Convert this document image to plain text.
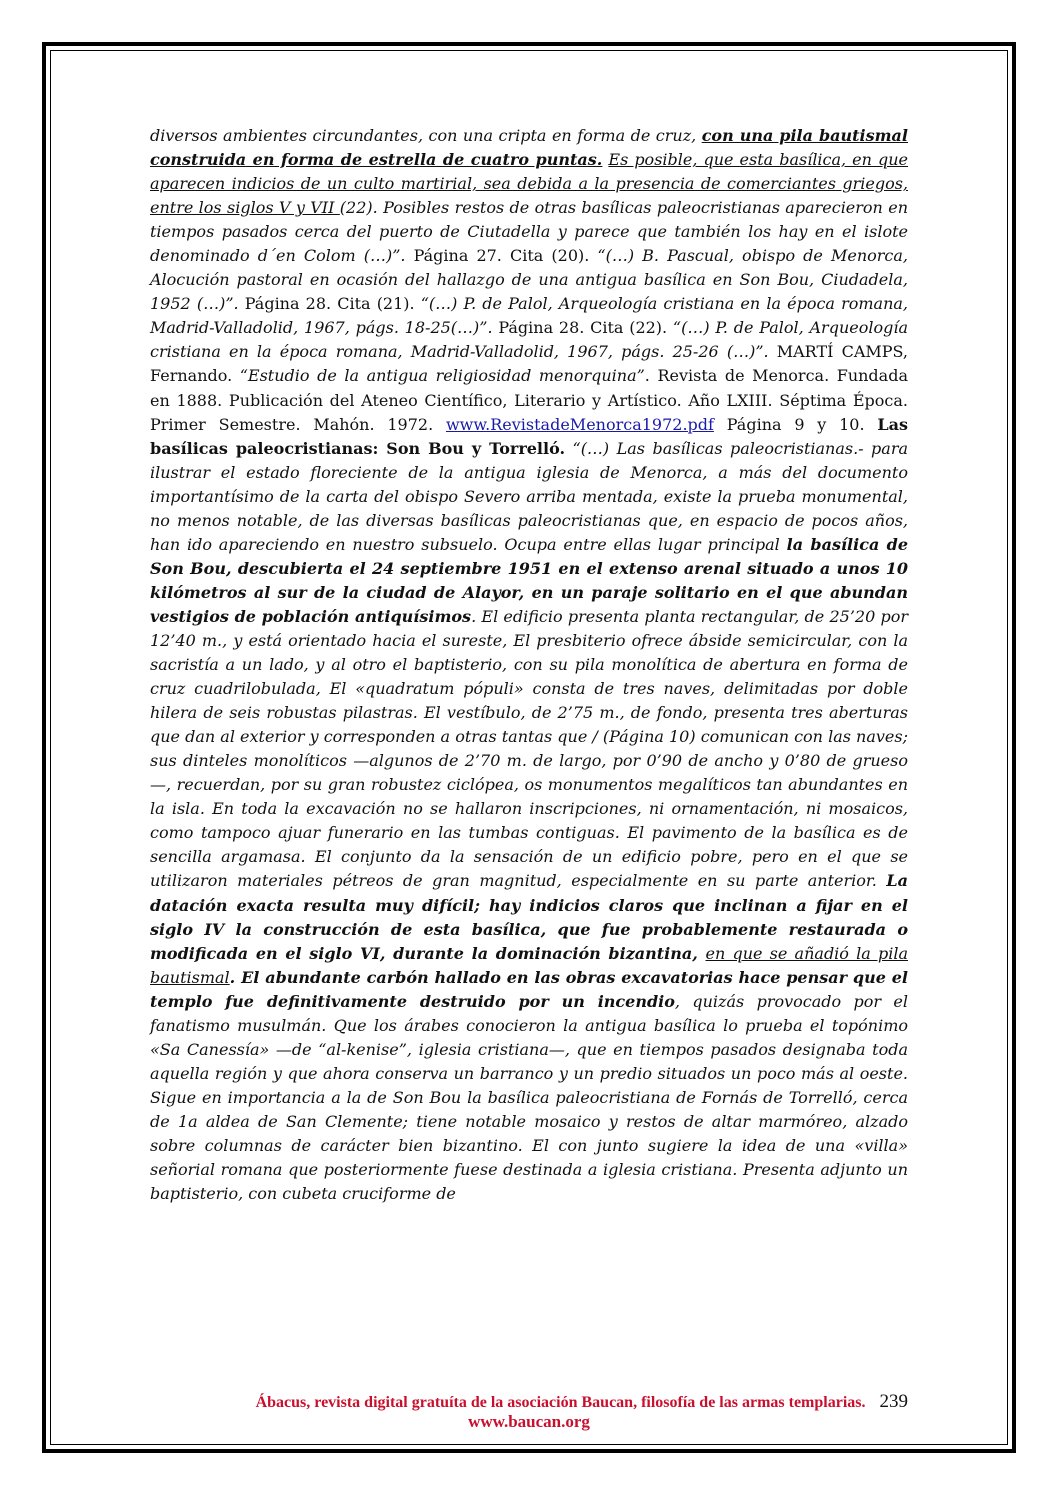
diversos ambientes circundantes, con una cripta en forma de cruz, con una pila bautismal construida en forma de estrella de cuatro puntas. Es posible, que esta basílica, en que aparecen indicios de un culto martirial, sea debida a la presencia de comerciantes griegos, entre los siglos V y VII (22). Posibles restos de otras basílicas paleocristianas aparecieron en tiempos pasados cerca del puerto de Ciutadella y parece que también los hay en el islote denominado d´en Colom (…)”. Página 27. Cita (20). “(…) B. Pascual, obispo de Menorca, Alocución pastoral en ocasión del hallazgo de una antigua basílica en Son Bou, Ciudadela, 1952 (…)”. Página 28. Cita (21). “(…) P. de Palol, Arqueología cristiana en la época romana, Madrid-Valladolid, 1967, págs. 18-25(…)”. Página 28. Cita (22). “(…) P. de Palol, Arqueología cristiana en la época romana, Madrid-Valladolid, 1967, págs. 25-26 (…)”. MARTÍ CAMPS, Fernando. “Estudio de la antigua religiosidad menorquina”. Revista de Menorca. Fundada en 1888. Publicación del Ateneo Científico, Literario y Artístico. Año LXIII. Séptima Época. Primer Semestre. Mahón. 1972. www.RevistadeMenorca1972.pdf Página 9 y 10. Las basílicas paleocristianas: Son Bou y Torrelló. “(…) Las basílicas paleocristianas.- para ilustrar el estado floreciente de la antigua iglesia de Menorca, a más del documento importantísimo de la carta del obispo Severo arriba mentada, existe la prueba monumental, no menos notable, de las diversas basílicas paleocristianas que, en espacio de pocos años, han ido apareciendo en nuestro subsuelo. Ocupa entre ellas lugar principal la basílica de Son Bou, descubierta el 24 septiembre 1951 en el extenso arenal situado a unos 10 kilómetros al sur de la ciudad de Alayor, en un paraje solitario en el que abundan vestigios de población antiquísimos. El edificio presenta planta rectangular, de 25’20 por 12’40 m., y está orientado hacia el sureste, El presbiterio ofrece ábside semicircular, con la sacristía a un lado, y al otro el baptisterio, con su pila monolítica de abertura en forma de cruz cuadrilobulada, El «quadratum pópuli» consta de tres naves, delimitadas por doble hilera de seis robustas pilastras. El vestíbulo, de 2’75 m., de fondo, presenta tres aberturas que dan al exterior y corresponden a otras tantas que / (Página 10) comunican con las naves; sus dinteles monolíticos —algunos de 2’70 m. de largo, por 0’90 de ancho y 0’80 de grueso—, recuerdan, por su gran robustez ciclópea, os monumentos megalíticos tan abundantes en la isla. En toda la excavación no se hallaron inscripciones, ni ornamentación, ni mosaicos, como tampoco ajuar funerario en las tumbas contiguas. El pavimento de la basílica es de sencilla argamasa. El conjunto da la sensación de un edificio pobre, pero en el que se utilizaron materiales pétreos de gran magnitud, especialmente en su parte anterior. La datación exacta resulta muy difícil; hay indicios claros que inclinan a fijar en el siglo IV la construcción de esta basílica, que fue probablemente restaurada o modificada en el siglo VI, durante la dominación bizantina, en que se añadió la pila bautismal. El abundante carbón hallado en las obras excavatorias hace pensar que el templo fue definitivamente destruido por un incendio, quizás provocado por el fanatismo musulmán. Que los árabes conocieron la antigua basílica lo prueba el topónimo «Sa Canessía» —de “al-kenise”, iglesia cristiana—, que en tiempos pasados designaba toda aquella región y que ahora conserva un barranco y un predio situados un poco más al oeste. Sigue en importancia a la de Son Bou la basílica paleocristiana de Fornás de Torrelló, cerca de 1a aldea de San Clemente; tiene notable mosaico y restos de altar marmóreo, alzado sobre columnas de carácter bien bizantino. El con junto sugiere la idea de una «villa» señorial romana que posteriormente fuese destinada a iglesia cristiana. Presenta adjunto un baptisterio, con cubeta cruciforme de

Ábacus, revista digital gratuíta de la asociación Baucan, filosofía de las armas templarias. 239
www.baucan.org
